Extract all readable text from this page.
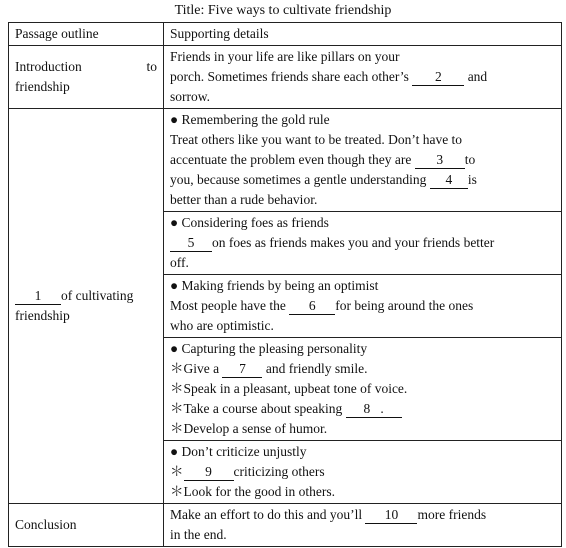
Title: Five ways to cultivate friendship
Passage outline	Supporting details

Introduction to
friendship	Friends in your life are like pillars on your
porch. Sometimes friends share each other’s 2 and
sorrow.

1 of cultivating
friendship	● Remembering the gold rule
Treat others like you want to be treated. Don’t have to
accentuate the problem even though they are 3 to
you, because sometimes a gentle understanding 4 is
better than a rude behavior.

	● Considering foes as friends
5 on foes as friends makes you and your friends better
off.

	● Making friends by being an optimist
Most people have the 6 for being around the ones
who are optimistic.

	● Capturing the pleasing personality
＊Give a 7 and friendly smile.
＊Speak in a pleasant, upbeat tone of voice.
＊Take a course about speaking 8 .
＊Develop a sense of humor.

	● Don’t criticize unjustly
＊ 9 criticizing others
＊Look for the good in others.

Conclusion	Make an effort to do this and you’ll 10 more friends
in the end.
